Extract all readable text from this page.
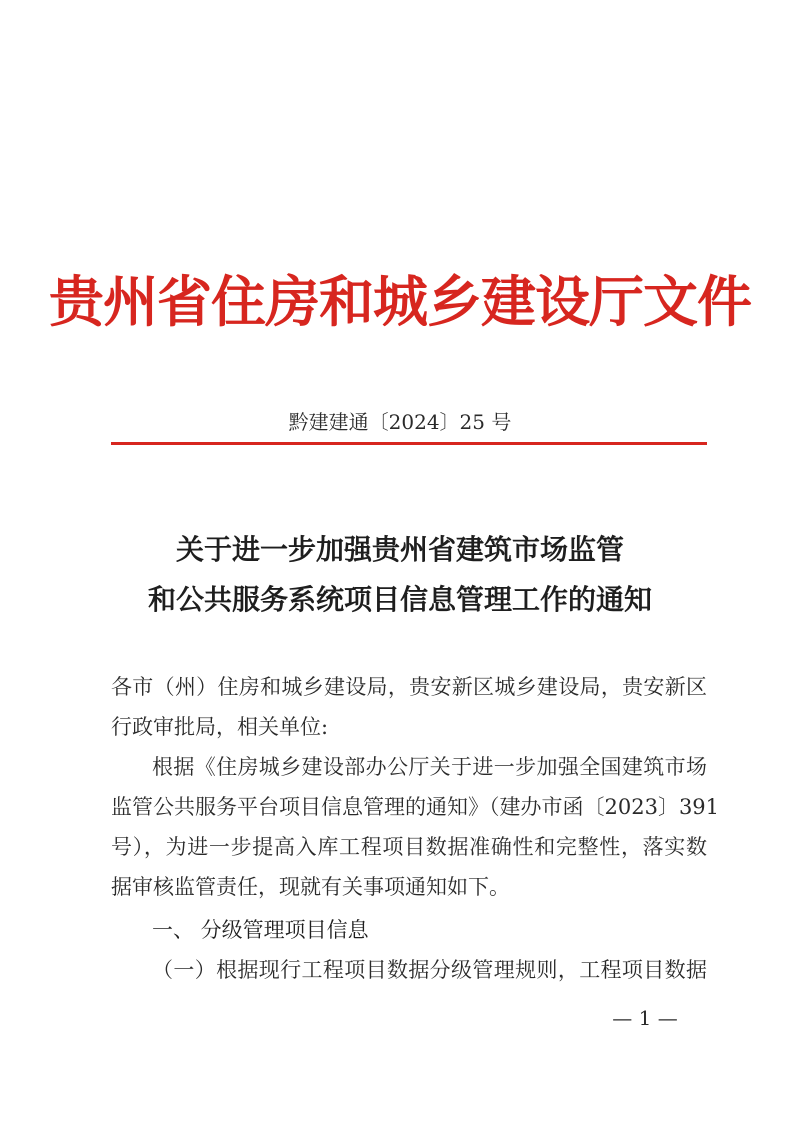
贵州省住房和城乡建设厅文件
黔建建通〔2024〕25 号
关于进一步加强贵州省建筑市场监管
和公共服务系统项目信息管理工作的通知
各市（州）住房和城乡建设局，贵安新区城乡建设局，贵安新区
行政审批局，相关单位:
根据《住房城乡建设部办公厅关于进一步加强全国建筑市场
监管公共服务平台项目信息管理的通知》（建办市函〔2023〕391
号），为进一步提高入库工程项目数据准确性和完整性，落实数
据审核监管责任，现就有关事项通知如下。
一、 分级管理项目信息
（一）根据现行工程项目数据分级管理规则，工程项目数据
— 1 —
